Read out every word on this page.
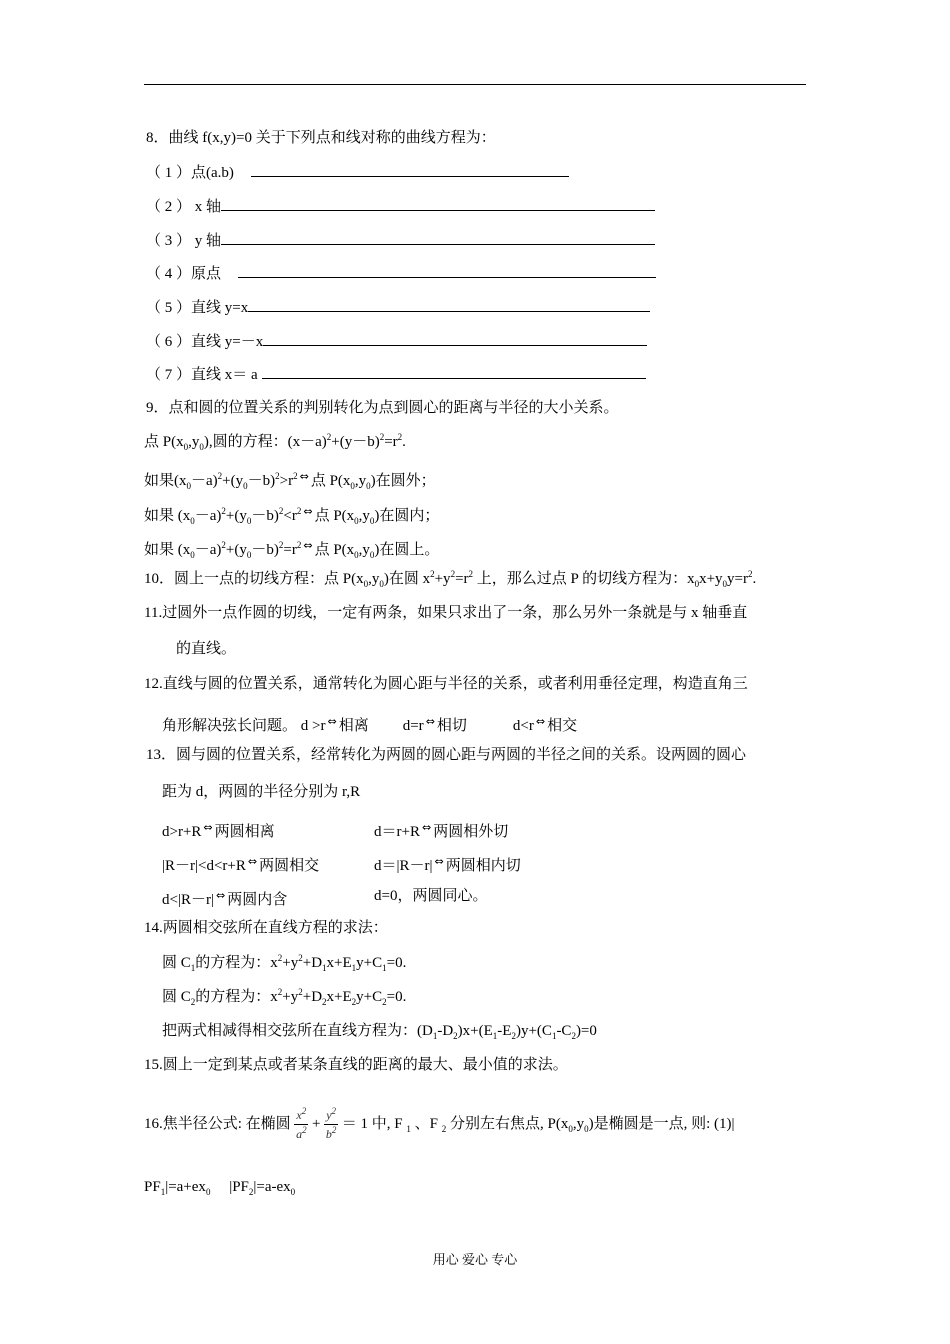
8．曲线 f(x,y)=0 关于下列点和线对称的曲线方程为：
（ 1 ）点(a.b)
（ 2 ） x 轴
（ 3 ） y 轴
（ 4 ）原点
（ 5 ）直线 y=x
（ 6 ）直线 y=－x
（ 7 ）直线 x＝ a
9．点和圆的位置关系的判别转化为点到圆心的距离与半径的大小关系。
点 $P(x_0,y_0)$,圆的方程：$(x-a)^2+(y-b)^2=r^2$.
如果$(x_0-a)^2+(y_0-b)^2>r^2$ ⇔ 点 $P(x_0,y_0)$在圆外；
如果 $(x_0-a)^2+(y_0-b)^2<r^2$ ⇔ 点 $P(x_0,y_0)$在圆内；
如果 $(x_0-a)^2+(y_0-b)^2=r^2$ ⇔ 点 $P(x_0,y_0)$在圆上。
10．圆上一点的切线方程：点 $P(x_0,y_0)$在圆 $x^2+y^2=r^2$ 上，那么过点 P 的切线方程为：$x_0x+y_0y=r^2$.
11.过圆外一点作圆的切线，一定有两条，如果只求出了一条，那么另外一条就是与 x 轴垂直
的直线。
12.直线与圆的位置关系，通常转化为圆心距与半径的关系，或者利用垂径定理，构造直角三
角形解决弦长问题。 d >r ⇔ 相离 d=r ⇔ 相切	d<r ⇔ 相交
13．圆与圆的位置关系，经常转化为两圆的圆心距与两圆的半径之间的关系。设两圆的圆心
距为 d，两圆的半径分别为 r,R
d>r+R ⇔ 两圆相离	d＝r+R ⇔ 两圆相外切
|R－r|<d<r+R ⇔ 两圆相交	d＝|R－r| ⇔ 两圆相内切
d<|R－r| ⇔ 两圆内含	d=0，两圆同心。
14.两圆相交弦所在直线方程的求法：
圆 $C_1$的方程为：$x^2+y^2+D_1x+E_1y+C_1=0$.
圆 $C_2$的方程为：$x^2+y^2+D_2x+E_2y+C_2=0$.
把两式相减得相交弦所在直线方程为：$(D_1-D_2)x+(E_1-E_2)y+(C_1-C_2)=0$
15.圆上一定到某点或者某条直线的距离的最大、最小值的求法。
16.焦半径公式: 在椭圆 $\frac{x^2}{a^2} + \frac{y^2}{b^2} = 1$ 中, F $_1$ 、F $_2$ 分别左右焦点, $P(x_0,y_0)$是椭圆是一点, 则: (1)|
$PF_1|=a+ex_0$     $|PF_2|=a-ex_0$
用心 爱心 专心
